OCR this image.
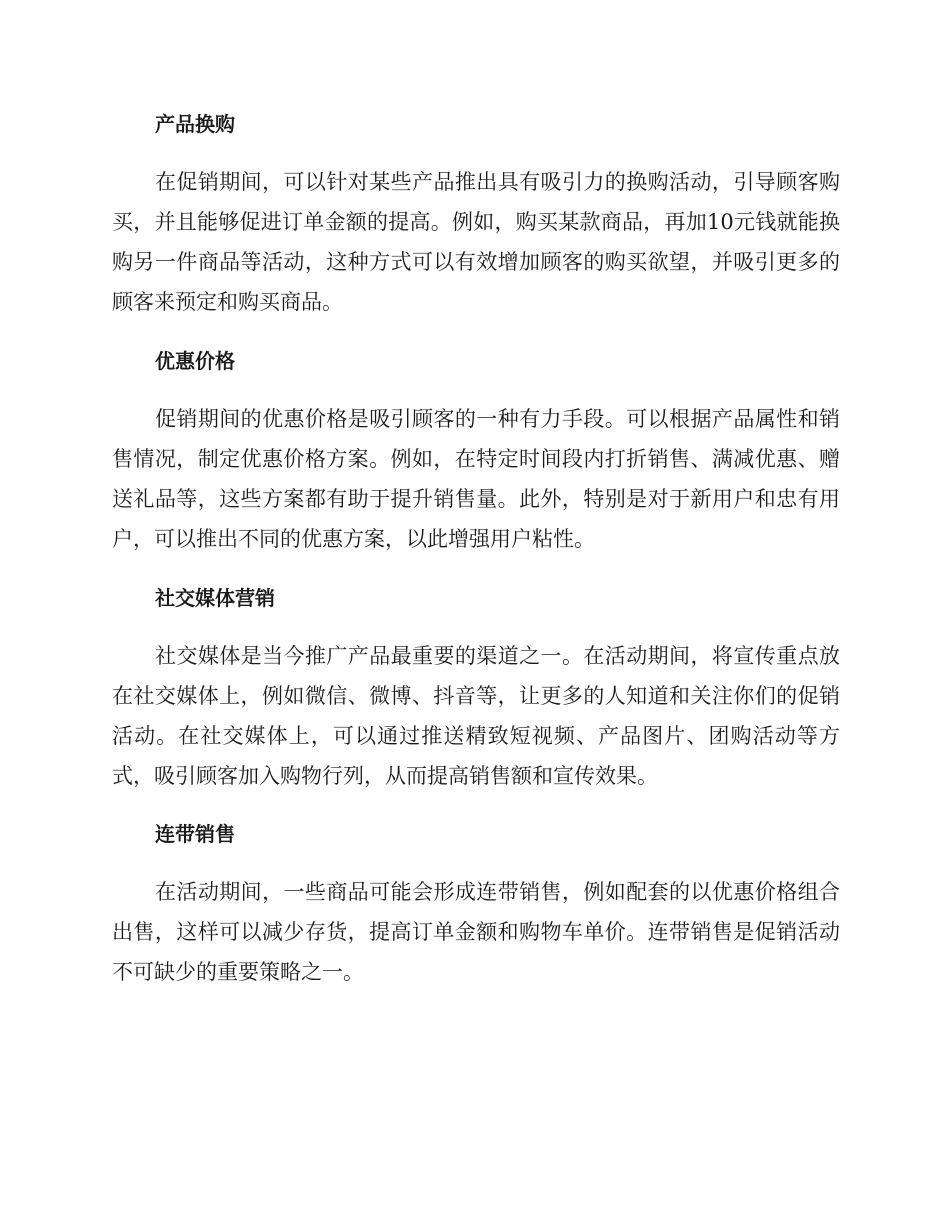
产品换购

在促销期间，可以针对某些产品推出具有吸引力的换购活动，引导顾客购买，并且能够促进订单金额的提高。例如，购买某款商品，再加10元钱就能换购另一件商品等活动，这种方式可以有效增加顾客的购买欲望，并吸引更多的顾客来预定和购买商品。

优惠价格

促销期间的优惠价格是吸引顾客的一种有力手段。可以根据产品属性和销售情况，制定优惠价格方案。例如，在特定时间段内打折销售、满减优惠、赠送礼品等，这些方案都有助于提升销售量。此外，特别是对于新用户和忠有用户，可以推出不同的优惠方案，以此增强用户粘性。

社交媒体营销

社交媒体是当今推广产品最重要的渠道之一。在活动期间，将宣传重点放在社交媒体上，例如微信、微博、抖音等，让更多的人知道和关注你们的促销活动。在社交媒体上，可以通过推送精致短视频、产品图片、团购活动等方式，吸引顾客加入购物行列，从而提高销售额和宣传效果。

连带销售

在活动期间，一些商品可能会形成连带销售，例如配套的以优惠价格组合出售，这样可以减少存货，提高订单金额和购物车单价。连带销售是促销活动不可缺少的重要策略之一。
